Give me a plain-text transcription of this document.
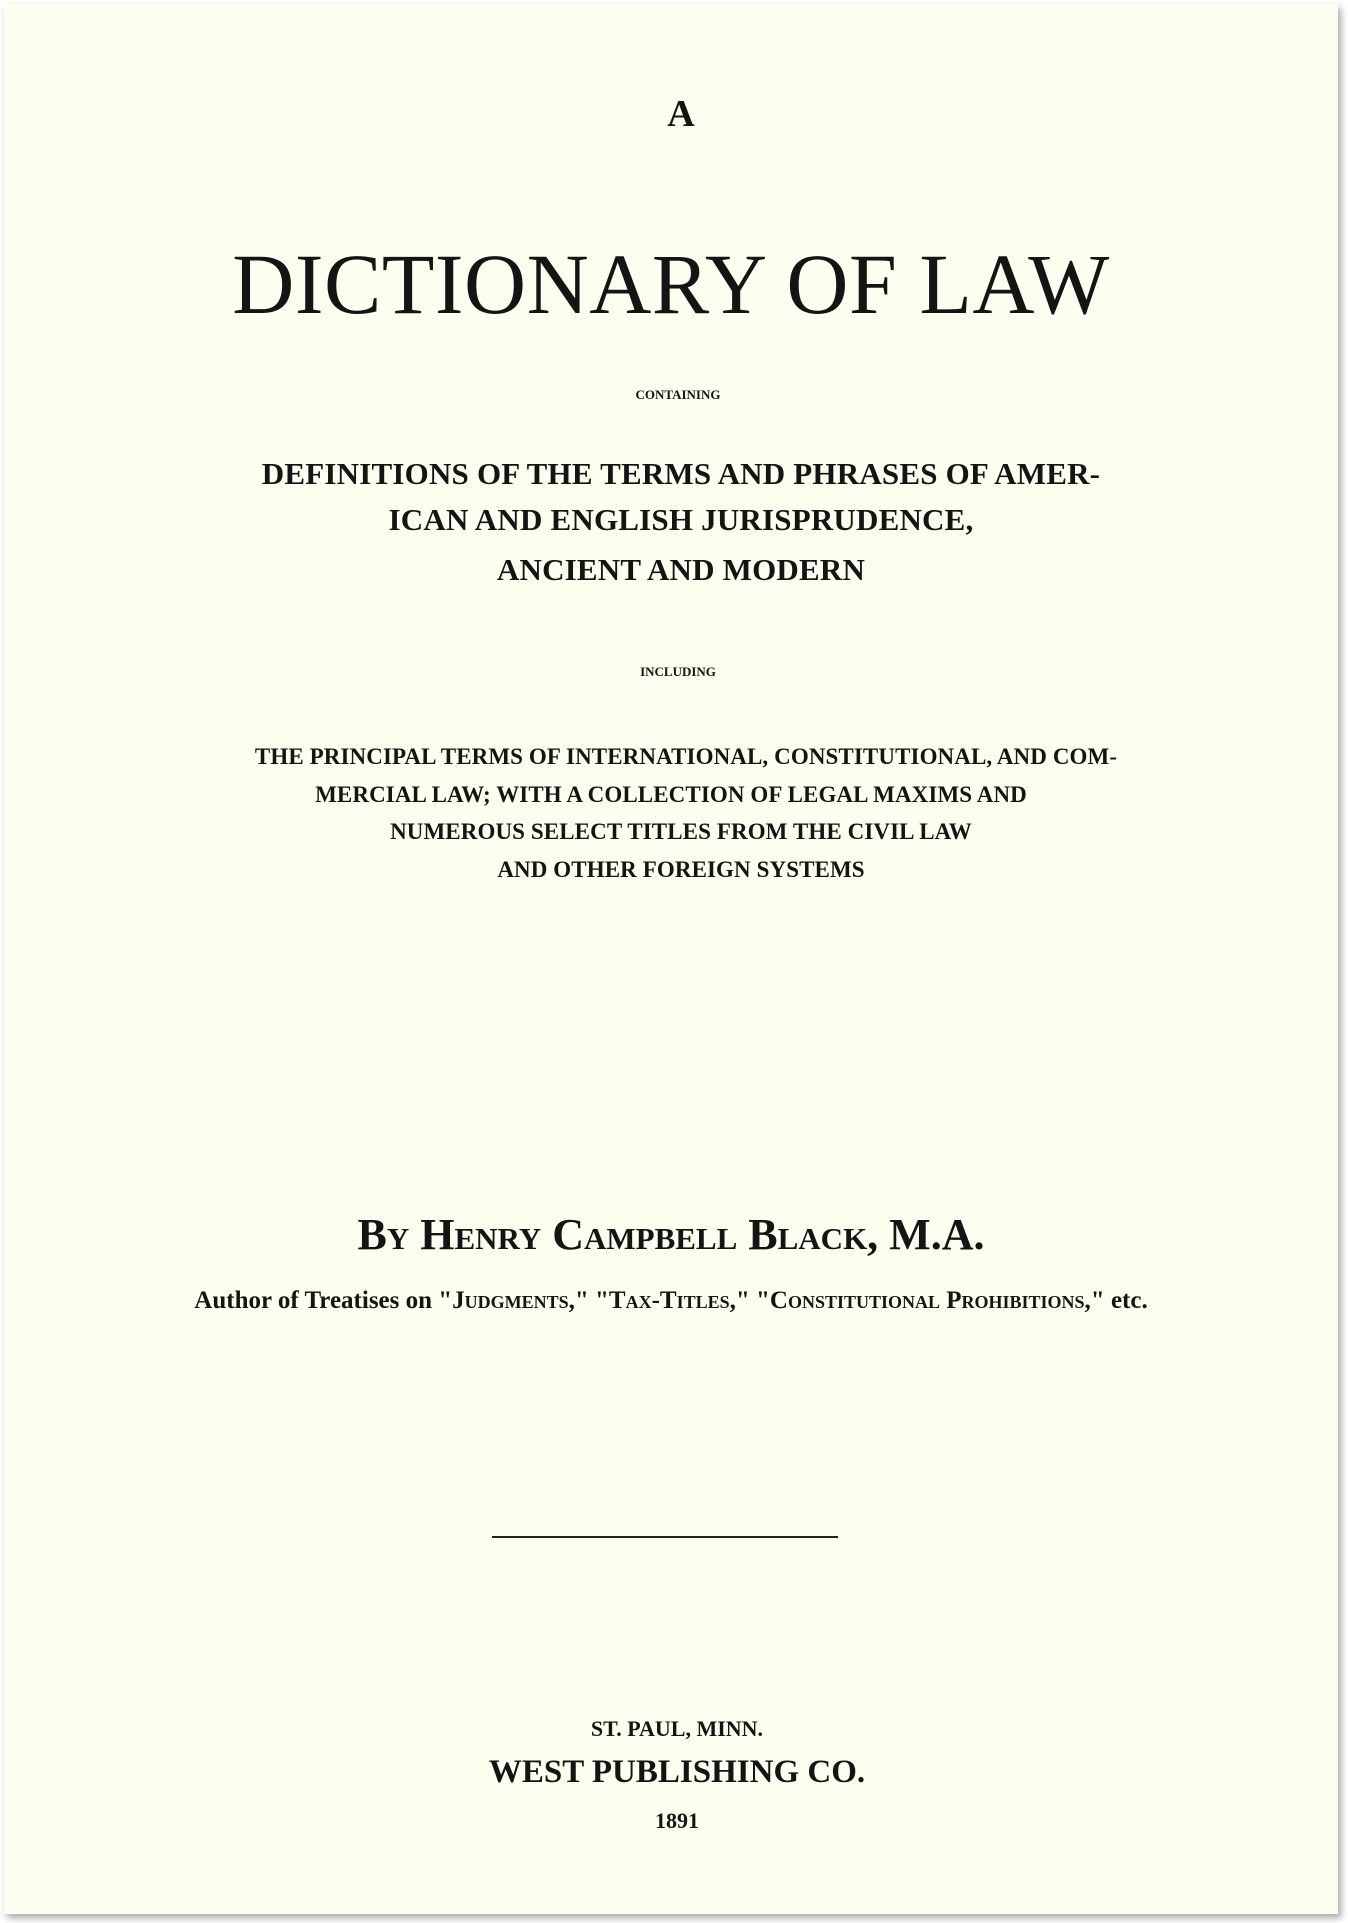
A

DICTIONARY OF LAW

CONTAINING

DEFINITIONS OF THE TERMS AND PHRASES OF AMER-

ICAN AND ENGLISH JURISPRUDENCE,

ANCIENT AND MODERN

INCLUDING

THE PRINCIPAL TERMS OF INTERNATIONAL, CONSTITUTIONAL, AND COM-

MERCIAL LAW; WITH A COLLECTION OF LEGAL MAXIMS AND

NUMEROUS SELECT TITLES FROM THE CIVIL LAW

AND OTHER FOREIGN SYSTEMS

By Henry Campbell Black, M.A.

Author of Treatises on "Judgments," "Tax-Titles," "Constitutional Prohibitions," etc.

ST. PAUL, MINN.

WEST PUBLISHING CO.

1891
